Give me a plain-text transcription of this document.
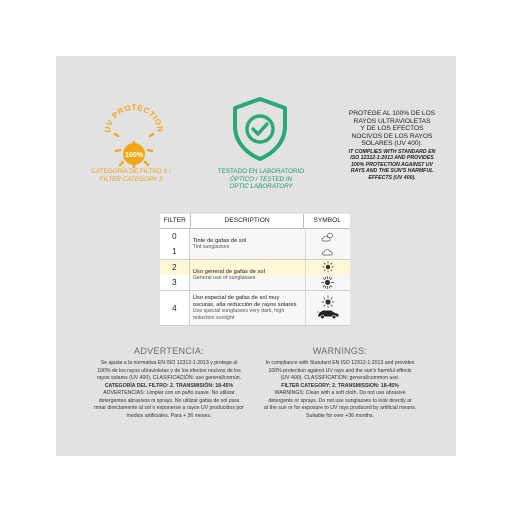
UV PROTECTION
100%
CATEGORÍA DE FILTRO 3 /
FILTER CATEGORY 3
TESTADO EN LABORATORIO
ÓPTICO / TESTED IN
OPTIC LABORATORY
PROTEGE AL 100% DE LOS
RAYOS ULTRAVIOLETAS
Y DE LOS EFECTOS
NOCIVOS DE LOS RAYOS
SOLARES (UV 400).
IT COMPLIES WITH STANDARD EN
ISO 12312-1:2013 AND PROVIDES
100% PROTECTION AGAINST UV
RAYS AND THE SUN'S HARMFUL
EFFECTS (UV 400).
FILTER	DESCRIPTION	SYMBOL
0
1
Tinte de gafas de sol
Tint sunglasses
2
3
Uso general de gafas de sol
General use of sunglasses
4
Uso especial de gafas de sol muy oscuras, alta reducción de rayos solares
Use special sunglasses very dark, high reduction sunlight
ADVERTENCIA:
Se ajusta a la normativa EN ISO 12312-1:2013 y protege al
100% de los rayos ultravioletas y de los efectos nocivos de los
rayos solares (UV 400). CLASIFICACIÓN: uso general/común.
CATEGORÍA DEL FILTRO: 2. TRANSMISIÓN: 18-45%
ADVERTENCIAS: Limpiar con un paño suave. No utilizar
detergentes abrasivos ni sprays. No utilizar gafas de sol para
mirar directamente al sol o exponerse a rayos UV producidos por
medios artificiales. Para + 36 meses.
WARNINGS:
In compliance with Standard EN ISO 12312-1:2013 and provides
100% protection against UV rays and the sun's harmful effects
(UV 400). CLASSIFICATION: general/common use.
FILTER CATEGORY: 2. TRANSMISSION: 18-45%
WARNINGS: Clean with a soft cloth. Do not use abrasive
detergents or sprays. Do not use sunglasses to look directly at
at the sun or for exposure to UV rays produced by artificial means.
Suitable for over +36 months.
